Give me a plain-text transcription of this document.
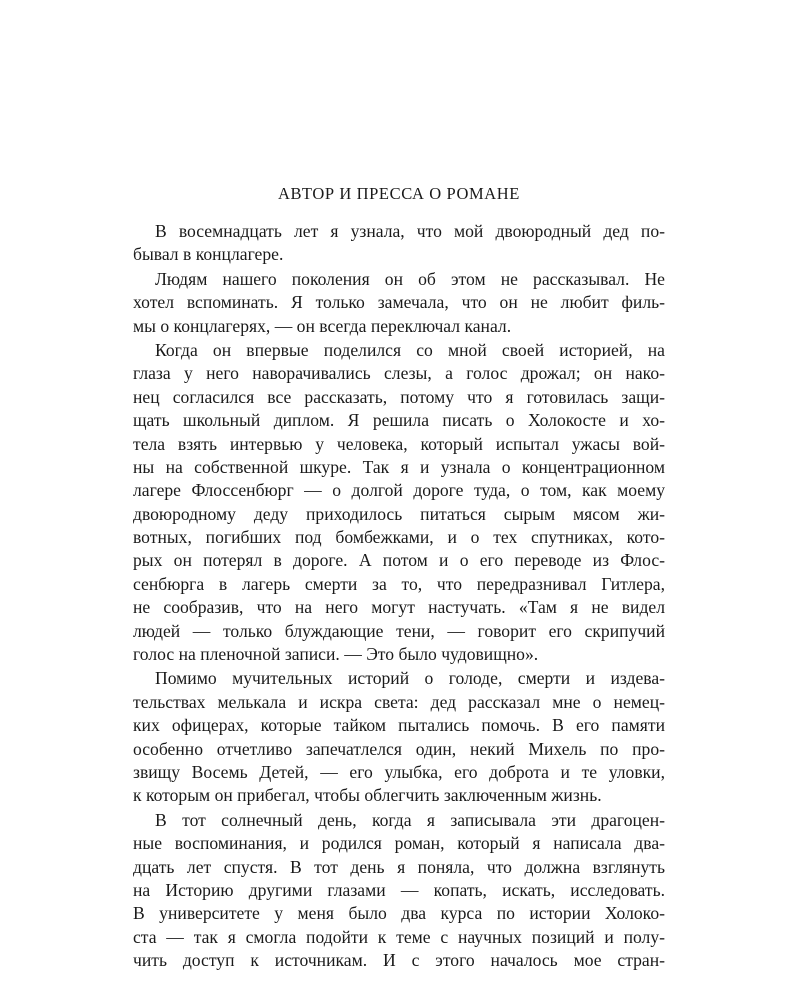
АВТОР И ПРЕССА О РОМАНЕ
В восемнадцать лет я узнала, что мой двоюродный дед по-
бывал в концлагере.
Людям нашего поколения он об этом не рассказывал. Не
хотел вспоминать. Я только замечала, что он не любит филь-
мы о концлагерях, — он всегда переключал канал.
Когда он впервые поделился со мной своей историей, на
глаза у него наворачивались слезы, а голос дрожал; он нако-
нец согласился все рассказать, потому что я готовилась защи-
щать школьный диплом. Я решила писать о Холокосте и хо-
тела взять интервью у человека, который испытал ужасы вой-
ны на собственной шкуре. Так я и узнала о концентрационном
лагере Флоссенбюрг — о долгой дороге туда, о том, как моему
двоюродному деду приходилось питаться сырым мясом жи-
вотных, погибших под бомбежками, и о тех спутниках, кото-
рых он потерял в дороге. А потом и о его переводе из Флос-
сенбюрга в лагерь смерти за то, что передразнивал Гитлера,
не сообразив, что на него могут настучать. «Там я не видел
людей — только блуждающие тени, — говорит его скрипучий
голос на пленочной записи. — Это было чудовищно».
Помимо мучительных историй о голоде, смерти и издева-
тельствах мелькала и искра света: дед рассказал мне о немец-
ких офицерах, которые тайком пытались помочь. В его памяти
особенно отчетливо запечатлелся один, некий Михель по про-
звищу Восемь Детей, — его улыбка, его доброта и те уловки,
к которым он прибегал, чтобы облегчить заключенным жизнь.
В тот солнечный день, когда я записывала эти драгоцен-
ные воспоминания, и родился роман, который я написала два-
дцать лет спустя. В тот день я поняла, что должна взглянуть
на Историю другими глазами — копать, искать, исследовать.
В университете у меня было два курса по истории Холоко-
ста — так я смогла подойти к теме с научных позиций и полу-
чить доступ к источникам. И с этого началось мое стран-
